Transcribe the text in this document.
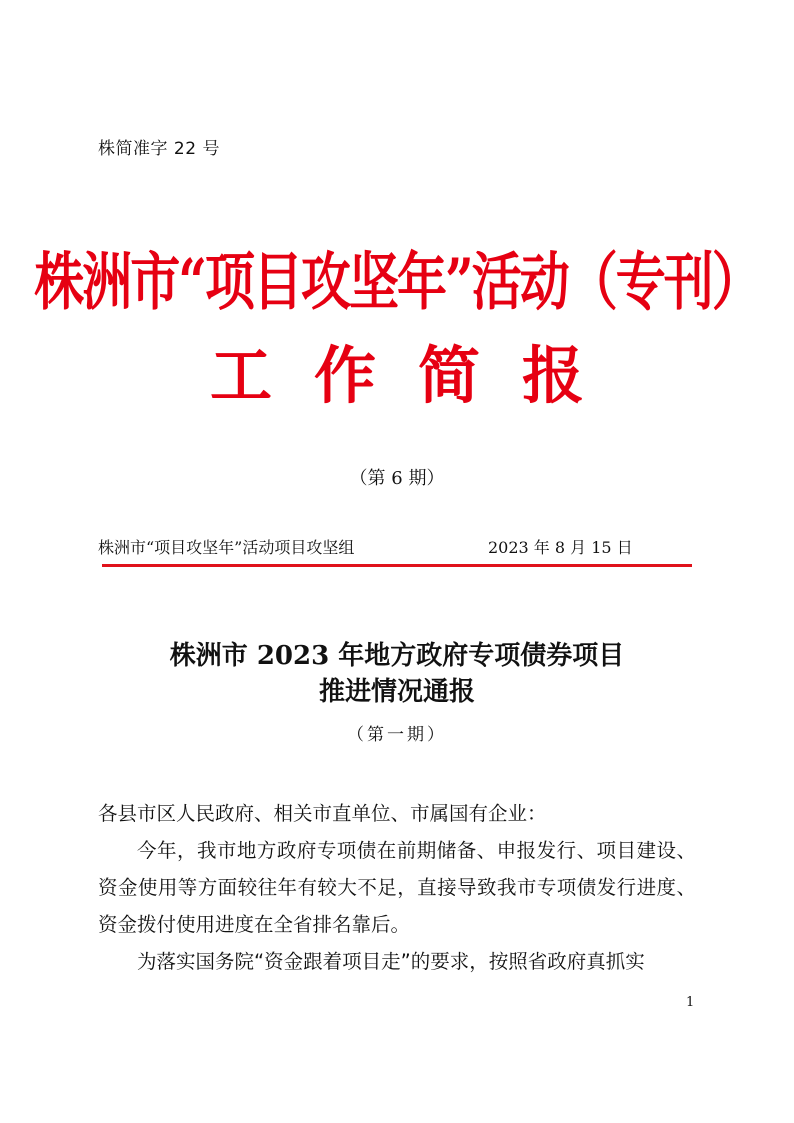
株简准字 22 号
株洲市“项目攻坚年”活动（专刊）
工作简报
（第 6 期）
株洲市“项目攻坚年”活动项目攻坚组	2023 年 8 月 15 日
株洲市 2023 年地方政府专项债券项目
推进情况通报
（第一期）

各县市区人民政府、相关市直单位、市属国有企业：

今年，我市地方政府专项债在前期储备、申报发行、项目建设、资金使用等方面较往年有较大不足，直接导致我市专项债发行进度、资金拨付使用进度在全省排名靠后。

为落实国务院“资金跟着项目走”的要求，按照省政府真抓实

1
